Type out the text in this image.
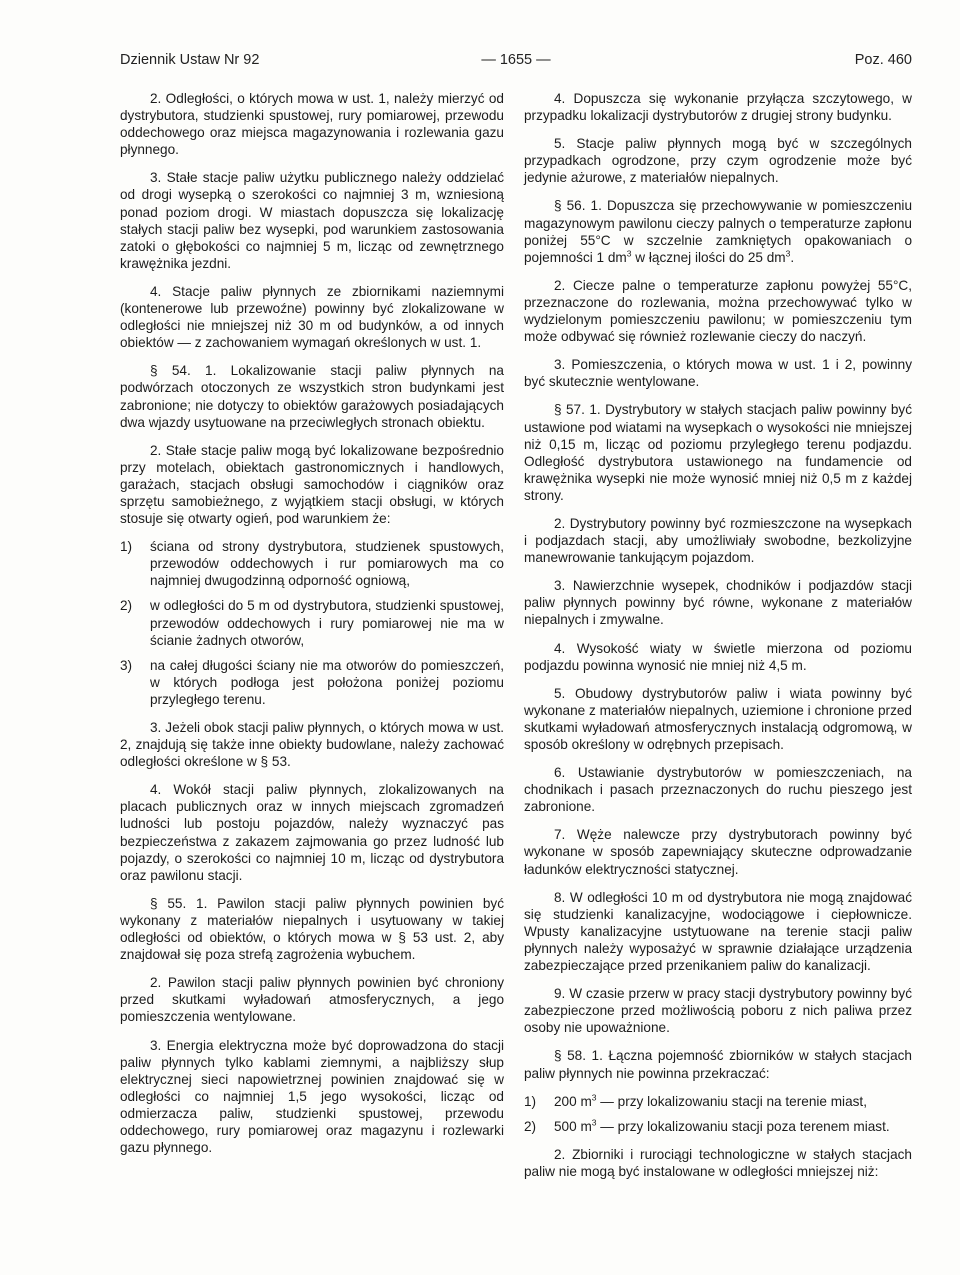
Dziennik Ustaw Nr 92	— 1655 —	Poz. 460

2. Odległości, o których mowa w ust. 1, należy mierzyć od dystrybutora, studzienki spustowej, rury pomiarowej, przewodu oddechowego oraz miejsca magazynowania i rozlewania gazu płynnego.

3. Stałe stacje paliw użytku publicznego należy oddzielać od drogi wysepką o szerokości co najmniej 3 m, wzniesioną ponad poziom drogi. W miastach dopuszcza się lokalizację stałych stacji paliw bez wysepki, pod warunkiem zastosowania zatoki o głębokości co najmniej 5 m, licząc od zewnętrznego krawężnika jezdni.

4. Stacje paliw płynnych ze zbiornikami naziemnymi (kontenerowe lub przewoźne) powinny być zlokalizowane w odległości nie mniejszej niż 30 m od budynków, a od innych obiektów — z zachowaniem wymagań określonych w ust. 1.

§ 54. 1. Lokalizowanie stacji paliw płynnych na podwórzach otoczonych ze wszystkich stron budynkami jest zabronione; nie dotyczy to obiektów garażowych posiadających dwa wjazdy usytuowane na przeciwległych stronach obiektu.

2. Stałe stacje paliw mogą być lokalizowane bezpośrednio przy motelach, obiektach gastronomicznych i handlowych, garażach, stacjach obsługi samochodów i ciągników oraz sprzętu samobieżnego, z wyjątkiem stacji obsługi, w których stosuje się otwarty ogień, pod warunkiem że:

1)	ściana od strony dystrybutora, studzienek spustowych, przewodów oddechowych i rur pomiarowych ma co najmniej dwugodzinną odporność ogniową,
2)	w odległości do 5 m od dystrybutora, studzienki spustowej, przewodów oddechowych i rury pomiarowej nie ma w ścianie żadnych otworów,
3)	na całej długości ściany nie ma otworów do pomieszczeń, w których podłoga jest położona poniżej poziomu przyległego terenu.

3. Jeżeli obok stacji paliw płynnych, o których mowa w ust. 2, znajdują się także inne obiekty budowlane, należy zachować odległości określone w § 53.

4. Wokół stacji paliw płynnych, zlokalizowanych na placach publicznych oraz w innych miejscach zgromadzeń ludności lub postoju pojazdów, należy wyznaczyć pas bezpieczeństwa z zakazem zajmowania go przez ludność lub pojazdy, o szerokości co najmniej 10 m, licząc od dystrybutora oraz pawilonu stacji.

§ 55. 1. Pawilon stacji paliw płynnych powinien być wykonany z materiałów niepalnych i usytuowany w takiej odległości od obiektów, o których mowa w § 53 ust. 2, aby znajdował się poza strefą zagrożenia wybuchem.

2. Pawilon stacji paliw płynnych powinien być chroniony przed skutkami wyładowań atmosferycznych, a jego pomieszczenia wentylowane.

3. Energia elektryczna może być doprowadzona do stacji paliw płynnych tylko kablami ziemnymi, a najbliższy słup elektrycznej sieci napowietrznej powinien znajdować się w odległości co najmniej 1,5 jego wysokości, licząc od odmierzacza paliw, studzienki spustowej, przewodu oddechowego, rury pomiarowej oraz magazynu i rozlewarki gazu płynnego.

4. Dopuszcza się wykonanie przyłącza szczytowego, w przypadku lokalizacji dystrybutorów z drugiej strony budynku.

5. Stacje paliw płynnych mogą być w szczególnych przypadkach ogrodzone, przy czym ogrodzenie może być jedynie ażurowe, z materiałów niepalnych.

§ 56. 1. Dopuszcza się przechowywanie w pomieszczeniu magazynowym pawilonu cieczy palnych o temperaturze zapłonu poniżej 55°C w szczelnie zamkniętych opakowaniach o pojemności 1 $dm^3$ w łącznej ilości do 25 $dm^3$.

2. Ciecze palne o temperaturze zapłonu powyżej 55°C, przeznaczone do rozlewania, można przechowywać tylko w wydzielonym pomieszczeniu pawilonu; w pomieszczeniu tym może odbywać się również rozlewanie cieczy do naczyń.

3. Pomieszczenia, o których mowa w ust. 1 i 2, powinny być skutecznie wentylowane.

§ 57. 1. Dystrybutory w stałych stacjach paliw powinny być ustawione pod wiatami na wysepkach o wysokości nie mniejszej niż 0,15 m, licząc od poziomu przyległego terenu podjazdu. Odległość dystrybutora ustawionego na fundamencie od krawężnika wysepki nie może wynosić mniej niż 0,5 m z każdej strony.

2. Dystrybutory powinny być rozmieszczone na wysepkach i podjazdach stacji, aby umożliwiały swobodne, bezkolizyjne manewrowanie tankującym pojazdom.

3. Nawierzchnie wysepek, chodników i podjazdów stacji paliw płynnych powinny być równe, wykonane z materiałów niepalnych i zmywalne.

4. Wysokość wiaty w świetle mierzona od poziomu podjazdu powinna wynosić nie mniej niż 4,5 m.

5. Obudowy dystrybutorów paliw i wiata powinny być wykonane z materiałów niepalnych, uziemione i chronione przed skutkami wyładowań atmosferycznych instalacją odgromową, w sposób określony w odrębnych przepisach.

6. Ustawianie dystrybutorów w pomieszczeniach, na chodnikach i pasach przeznaczonych do ruchu pieszego jest zabronione.

7. Węże nalewcze przy dystrybutorach powinny być wykonane w sposób zapewniający skuteczne odprowadzanie ładunków elektryczności statycznej.

8. W odległości 10 m od dystrybutora nie mogą znajdować się studzienki kanalizacyjne, wodociągowe i ciepłownicze. Wpusty kanalizacyjne ustytuowane na terenie stacji paliw płynnych należy wyposażyć w sprawnie działające urządzenia zabezpieczające przed przenikaniem paliw do kanalizacji.

9. W czasie przerw w pracy stacji dystrybutory powinny być zabezpieczone przed możliwością poboru z nich paliwa przez osoby nie upoważnione.

§ 58. 1. Łączna pojemność zbiorników w stałych stacjach paliw płynnych nie powinna przekraczać:

1)	200 $m^3$ — przy lokalizowaniu stacji na terenie miast,
2)	500 $m^3$ — przy lokalizowaniu stacji poza terenem miast.

2. Zbiorniki i rurociągi technologiczne w stałych stacjach paliw nie mogą być instalowane w odległości mniejszej niż:
